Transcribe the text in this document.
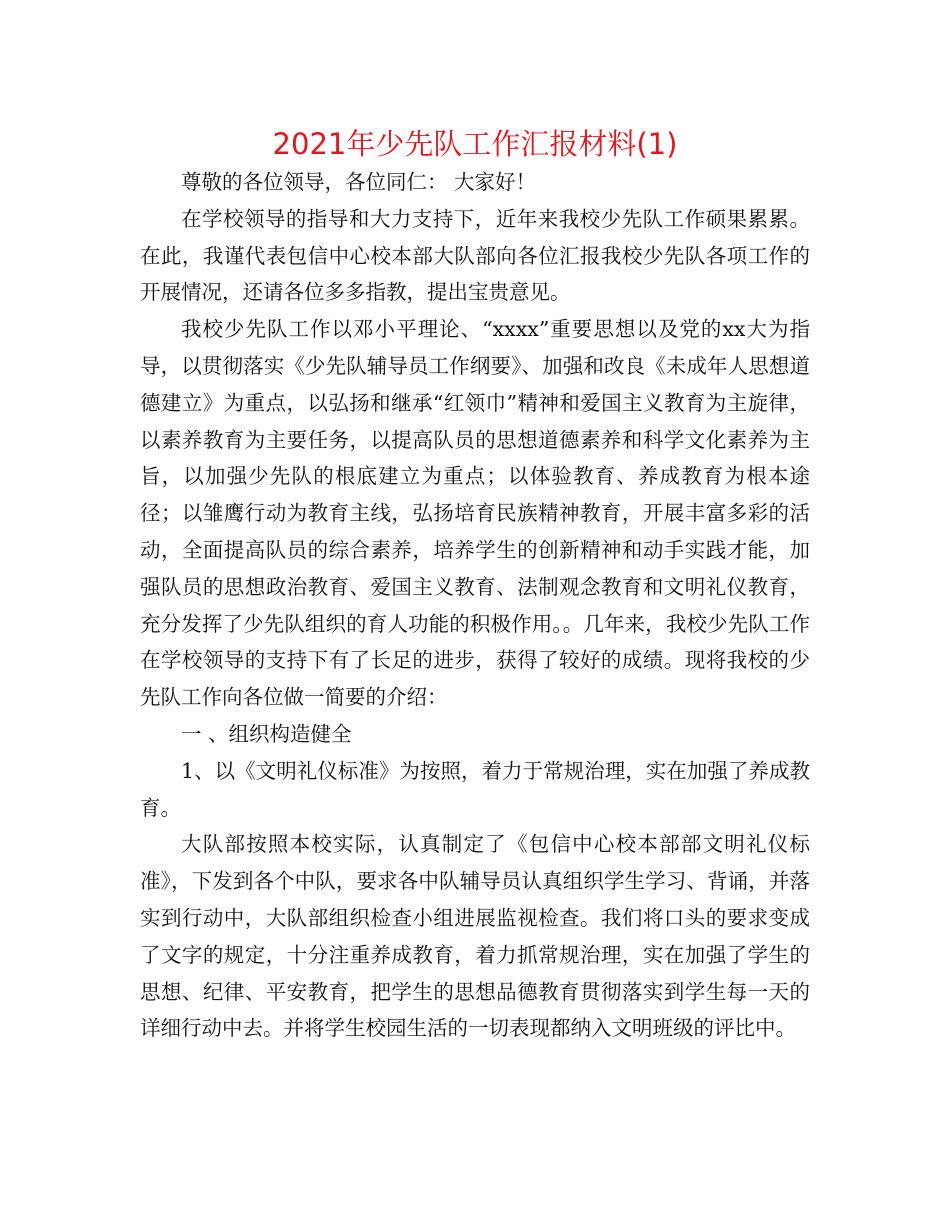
2021年少先队工作汇报材料(1)

尊敬的各位领导，各位同仁： 大家好！

在学校领导的指导和大力支持下，近年来我校少先队工作硕果累累。在此，我谨代表包信中心校本部大队部向各位汇报我校少先队各项工作的开展情况，还请各位多多指教，提出宝贵意见。

我校少先队工作以邓小平理论、“xxxx”重要思想以及党的xx大为指导，以贯彻落实《少先队辅导员工作纲要》、加强和改良《未成年人思想道德建立》为重点，以弘扬和继承“红领巾”精神和爱国主义教育为主旋律，以素养教育为主要任务，以提高队员的思想道德素养和科学文化素养为主旨，以加强少先队的根底建立为重点；以体验教育、养成教育为根本途径；以雏鹰行动为教育主线，弘扬培育民族精神教育，开展丰富多彩的活动，全面提高队员的综合素养，培养学生的创新精神和动手实践才能，加强队员的思想政治教育、爱国主义教育、法制观念教育和文明礼仪教育，充分发挥了少先队组织的育人功能的积极作用。。几年来，我校少先队工作在学校领导的支持下有了长足的进步，获得了较好的成绩。现将我校的少先队工作向各位做一简要的介绍：

一 、组织构造健全

1、以《文明礼仪标准》为按照，着力于常规治理，实在加强了养成教育。

大队部按照本校实际，认真制定了《包信中心校本部部文明礼仪标准》，下发到各个中队，要求各中队辅导员认真组织学生学习、背诵，并落实到行动中，大队部组织检查小组进展监视检查。我们将口头的要求变成了文字的规定，十分注重养成教育，着力抓常规治理，实在加强了学生的思想、纪律、平安教育，把学生的思想品德教育贯彻落实到学生每一天的详细行动中去。并将学生校园生活的一切表现都纳入文明班级的评比中。
